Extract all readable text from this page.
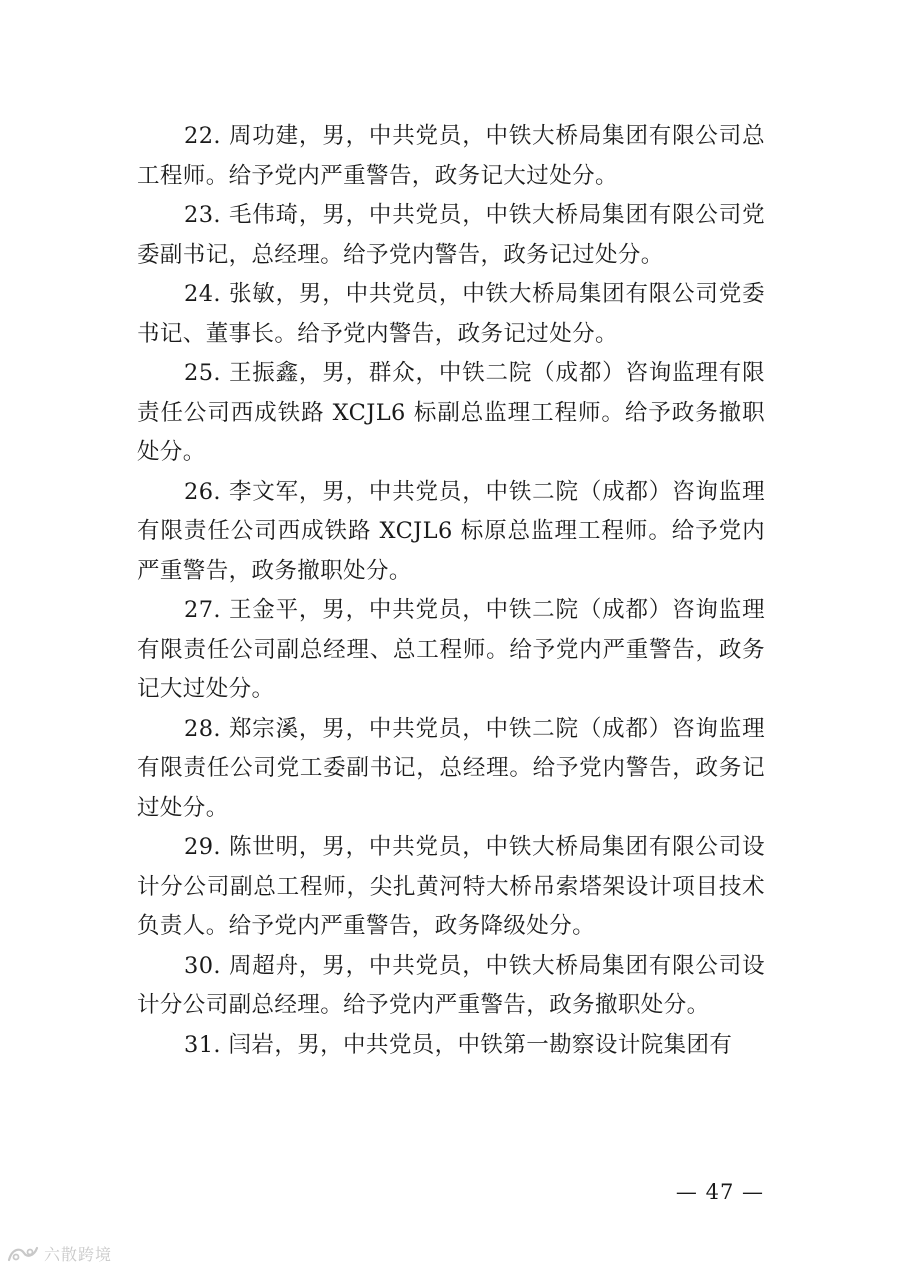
22. 周功建，男，中共党员，中铁大桥局集团有限公司总工程师。给予党内严重警告，政务记大过处分。

23. 毛伟琦，男，中共党员，中铁大桥局集团有限公司党委副书记，总经理。给予党内警告，政务记过处分。

24. 张敏，男，中共党员，中铁大桥局集团有限公司党委书记、董事长。给予党内警告，政务记过处分。

25. 王振鑫，男，群众，中铁二院（成都）咨询监理有限责任公司西成铁路 XCJL6 标副总监理工程师。给予政务撤职处分。

26. 李文军，男，中共党员，中铁二院（成都）咨询监理有限责任公司西成铁路 XCJL6 标原总监理工程师。给予党内严重警告，政务撤职处分。

27. 王金平，男，中共党员，中铁二院（成都）咨询监理有限责任公司副总经理、总工程师。给予党内严重警告，政务记大过处分。

28. 郑宗溪，男，中共党员，中铁二院（成都）咨询监理有限责任公司党工委副书记，总经理。给予党内警告，政务记过处分。

29. 陈世明，男，中共党员，中铁大桥局集团有限公司设计分公司副总工程师，尖扎黄河特大桥吊索塔架设计项目技术负责人。给予党内严重警告，政务降级处分。

30. 周超舟，男，中共党员，中铁大桥局集团有限公司设计分公司副总经理。给予党内严重警告，政务撤职处分。

31. 闫岩，男，中共党员，中铁第一勘察设计院集团有

— 47 —
六散跨境
